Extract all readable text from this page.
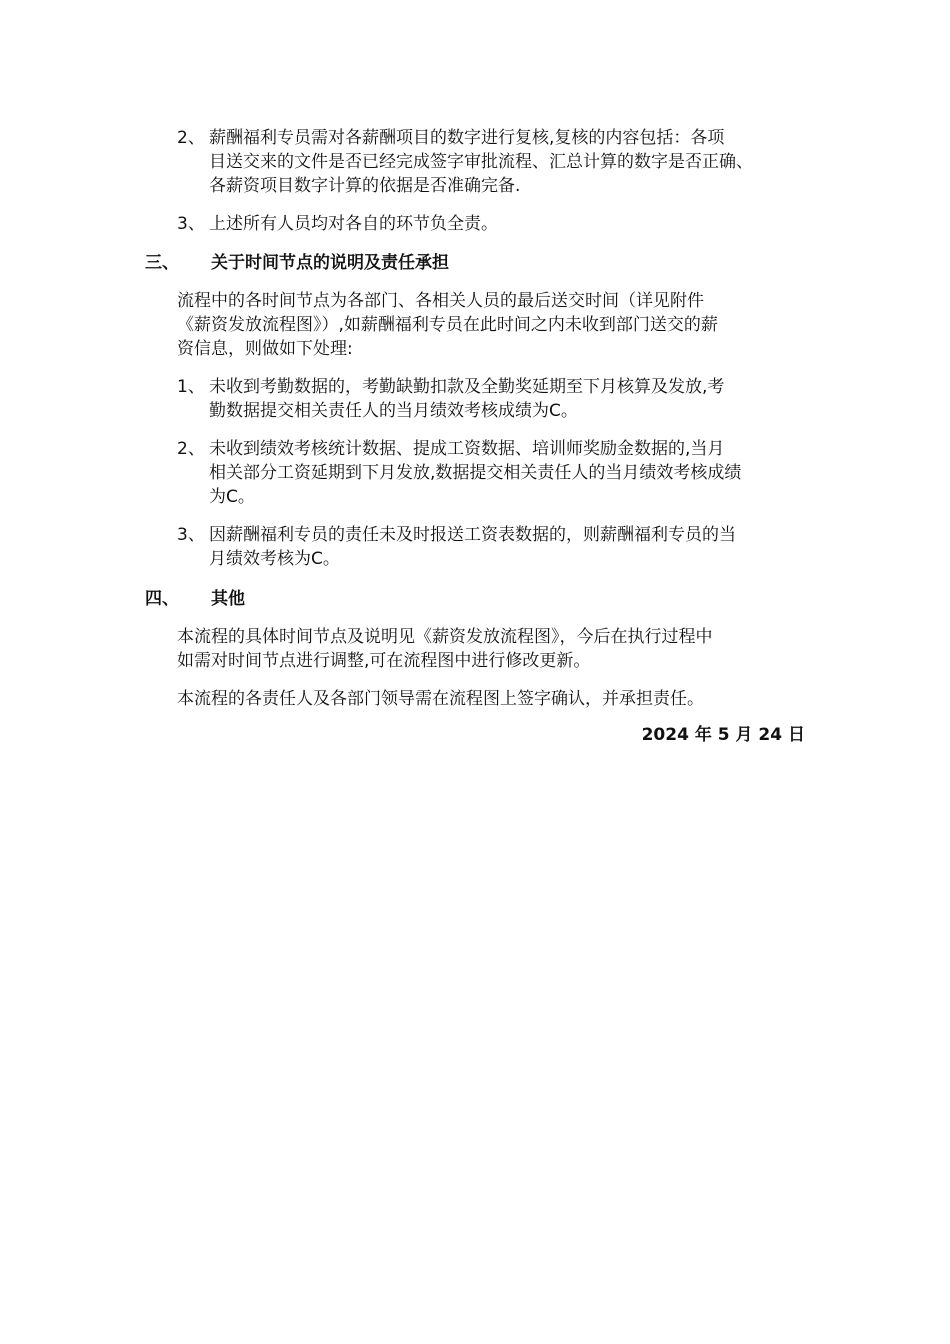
2、 薪酬福利专员需对各薪酬项目的数字进行复核,复核的内容包括：各项
目送交来的文件是否已经完成签字审批流程、汇总计算的数字是否正确、
各薪资项目数字计算的依据是否准确完备.
3、 上述所有人员均对各自的环节负全责。
三、	关于时间节点的说明及责任承担
流程中的各时间节点为各部门、各相关人员的最后送交时间（详见附件
《薪资发放流程图》）,如薪酬福利专员在此时间之内未收到部门送交的薪
资信息，则做如下处理:
1、 未收到考勤数据的，考勤缺勤扣款及全勤奖延期至下月核算及发放,考
勤数据提交相关责任人的当月绩效考核成绩为C。
2、 未收到绩效考核统计数据、提成工资数据、培训师奖励金数据的,当月
相关部分工资延期到下月发放,数据提交相关责任人的当月绩效考核成绩
为C。
3、 因薪酬福利专员的责任未及时报送工资表数据的，则薪酬福利专员的当
月绩效考核为C。
四、	其他
本流程的具体时间节点及说明见《薪资发放流程图》，今后在执行过程中
如需对时间节点进行调整,可在流程图中进行修改更新。
本流程的各责任人及各部门领导需在流程图上签字确认，并承担责任。
2024 年 5 月 24 日
